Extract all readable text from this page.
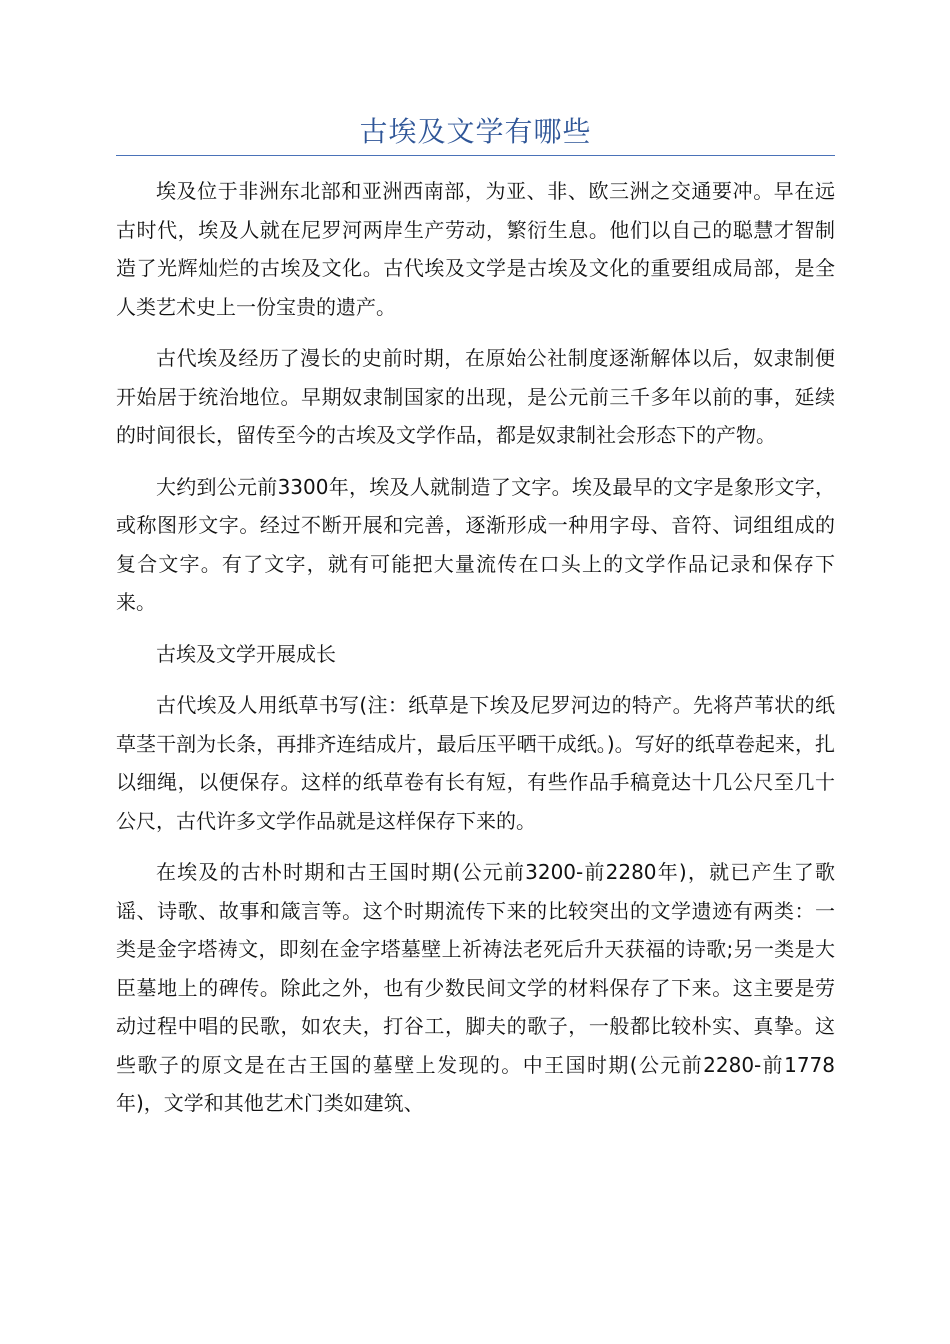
古埃及文学有哪些

埃及位于非洲东北部和亚洲西南部，为亚、非、欧三洲之交通要冲。早在远古时代，埃及人就在尼罗河两岸生产劳动，繁衍生息。他们以自己的聪慧才智制造了光辉灿烂的古埃及文化。古代埃及文学是古埃及文化的重要组成局部，是全人类艺术史上一份宝贵的遗产。

古代埃及经历了漫长的史前时期，在原始公社制度逐渐解体以后，奴隶制便开始居于统治地位。早期奴隶制国家的出现，是公元前三千多年以前的事，延续的时间很长，留传至今的古埃及文学作品，都是奴隶制社会形态下的产物。

大约到公元前3300年，埃及人就制造了文字。埃及最早的文字是象形文字，或称图形文字。经过不断开展和完善，逐渐形成一种用字母、音符、词组组成的复合文字。有了文字，就有可能把大量流传在口头上的文学作品记录和保存下来。

古埃及文学开展成长

古代埃及人用纸草书写(注：纸草是下埃及尼罗河边的特产。先将芦苇状的纸草茎干剖为长条，再排齐连结成片，最后压平晒干成纸。)。写好的纸草卷起来，扎以细绳，以便保存。这样的纸草卷有长有短，有些作品手稿竟达十几公尺至几十公尺，古代许多文学作品就是这样保存下来的。

在埃及的古朴时期和古王国时期(公元前3200-前2280年)，就已产生了歌谣、诗歌、故事和箴言等。这个时期流传下来的比较突出的文学遗迹有两类：一类是金字塔祷文，即刻在金字塔墓壁上祈祷法老死后升天获福的诗歌;另一类是大臣墓地上的碑传。除此之外，也有少数民间文学的材料保存了下来。这主要是劳动过程中唱的民歌，如农夫，打谷工，脚夫的歌子，一般都比较朴实、真挚。这些歌子的原文是在古王国的墓壁上发现的。中王国时期(公元前2280-前1778年)，文学和其他艺术门类如建筑、
